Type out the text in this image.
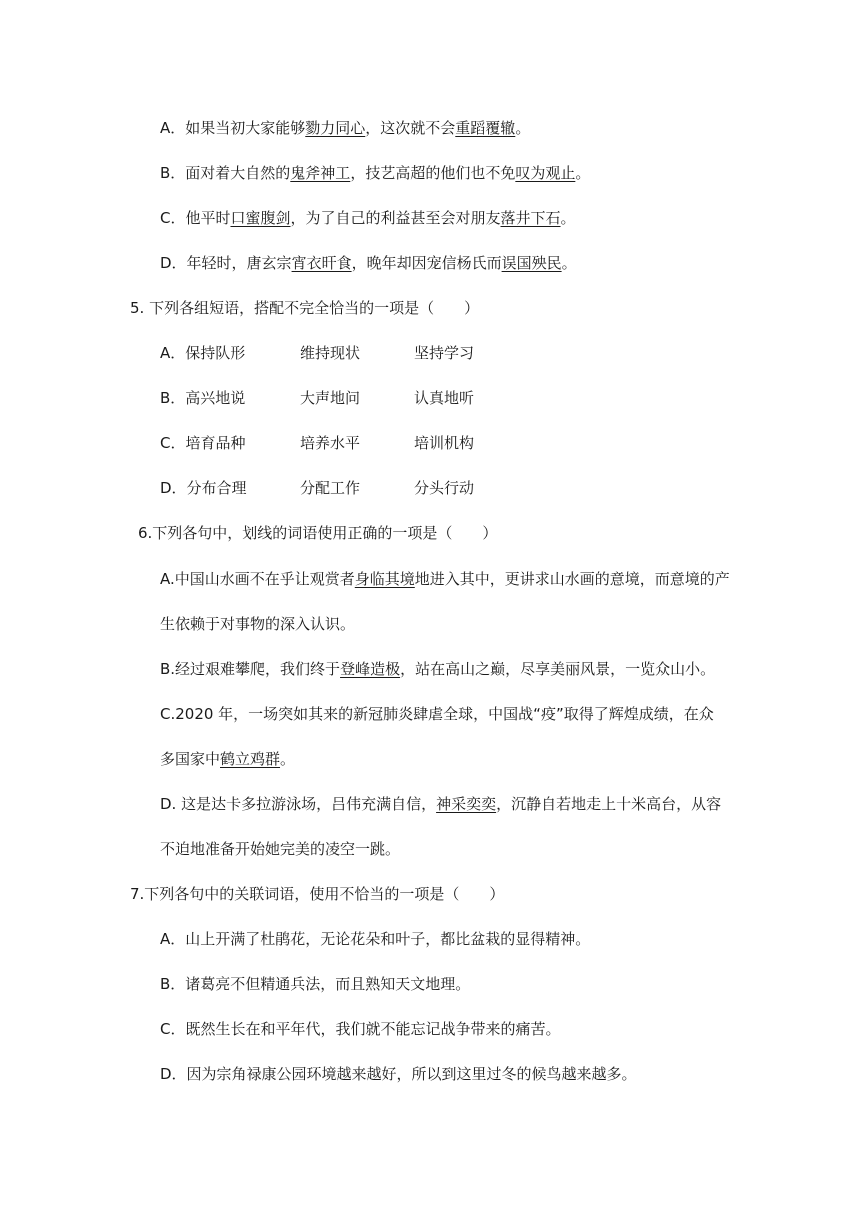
A．如果当初大家能够勠力同心，这次就不会重蹈覆辙。
B．面对着大自然的鬼斧神工，技艺高超的他们也不免叹为观止。
C．他平时口蜜腹剑，为了自己的利益甚至会对朋友落井下石。
D．年轻时，唐玄宗宵衣旰食，晚年却因宠信杨氏而误国殃民。
5. 下列各组短语，搭配不完全恰当的一项是（　　）
A．保持队形	维持现状	坚持学习
B．高兴地说	大声地问	认真地听
C．培育品种	培养水平	培训机构
D．分布合理	分配工作	分头行动
6.下列各句中，划线的词语使用正确的一项是（　　）
A.中国山水画不在乎让观赏者身临其境地进入其中，更讲求山水画的意境，而意境的产
生依赖于对事物的深入认识。
B.经过艰难攀爬，我们终于登峰造极，站在高山之巅，尽享美丽风景，一览众山小。
C.2020 年，一场突如其来的新冠肺炎肆虐全球，中国战“疫”取得了辉煌成绩，在众
多国家中鹤立鸡群。
D. 这是达卡多拉游泳场，吕伟充满自信，神采奕奕，沉静自若地走上十米高台，从容
不迫地准备开始她完美的凌空一跳。
7.下列各句中的关联词语，使用不恰当的一项是（　　）
A．山上开满了杜鹃花，无论花朵和叶子，都比盆栽的显得精神。
B．诸葛亮不但精通兵法，而且熟知天文地理。
C．既然生长在和平年代，我们就不能忘记战争带来的痛苦。
D．因为宗角禄康公园环境越来越好，所以到这里过冬的候鸟越来越多。
